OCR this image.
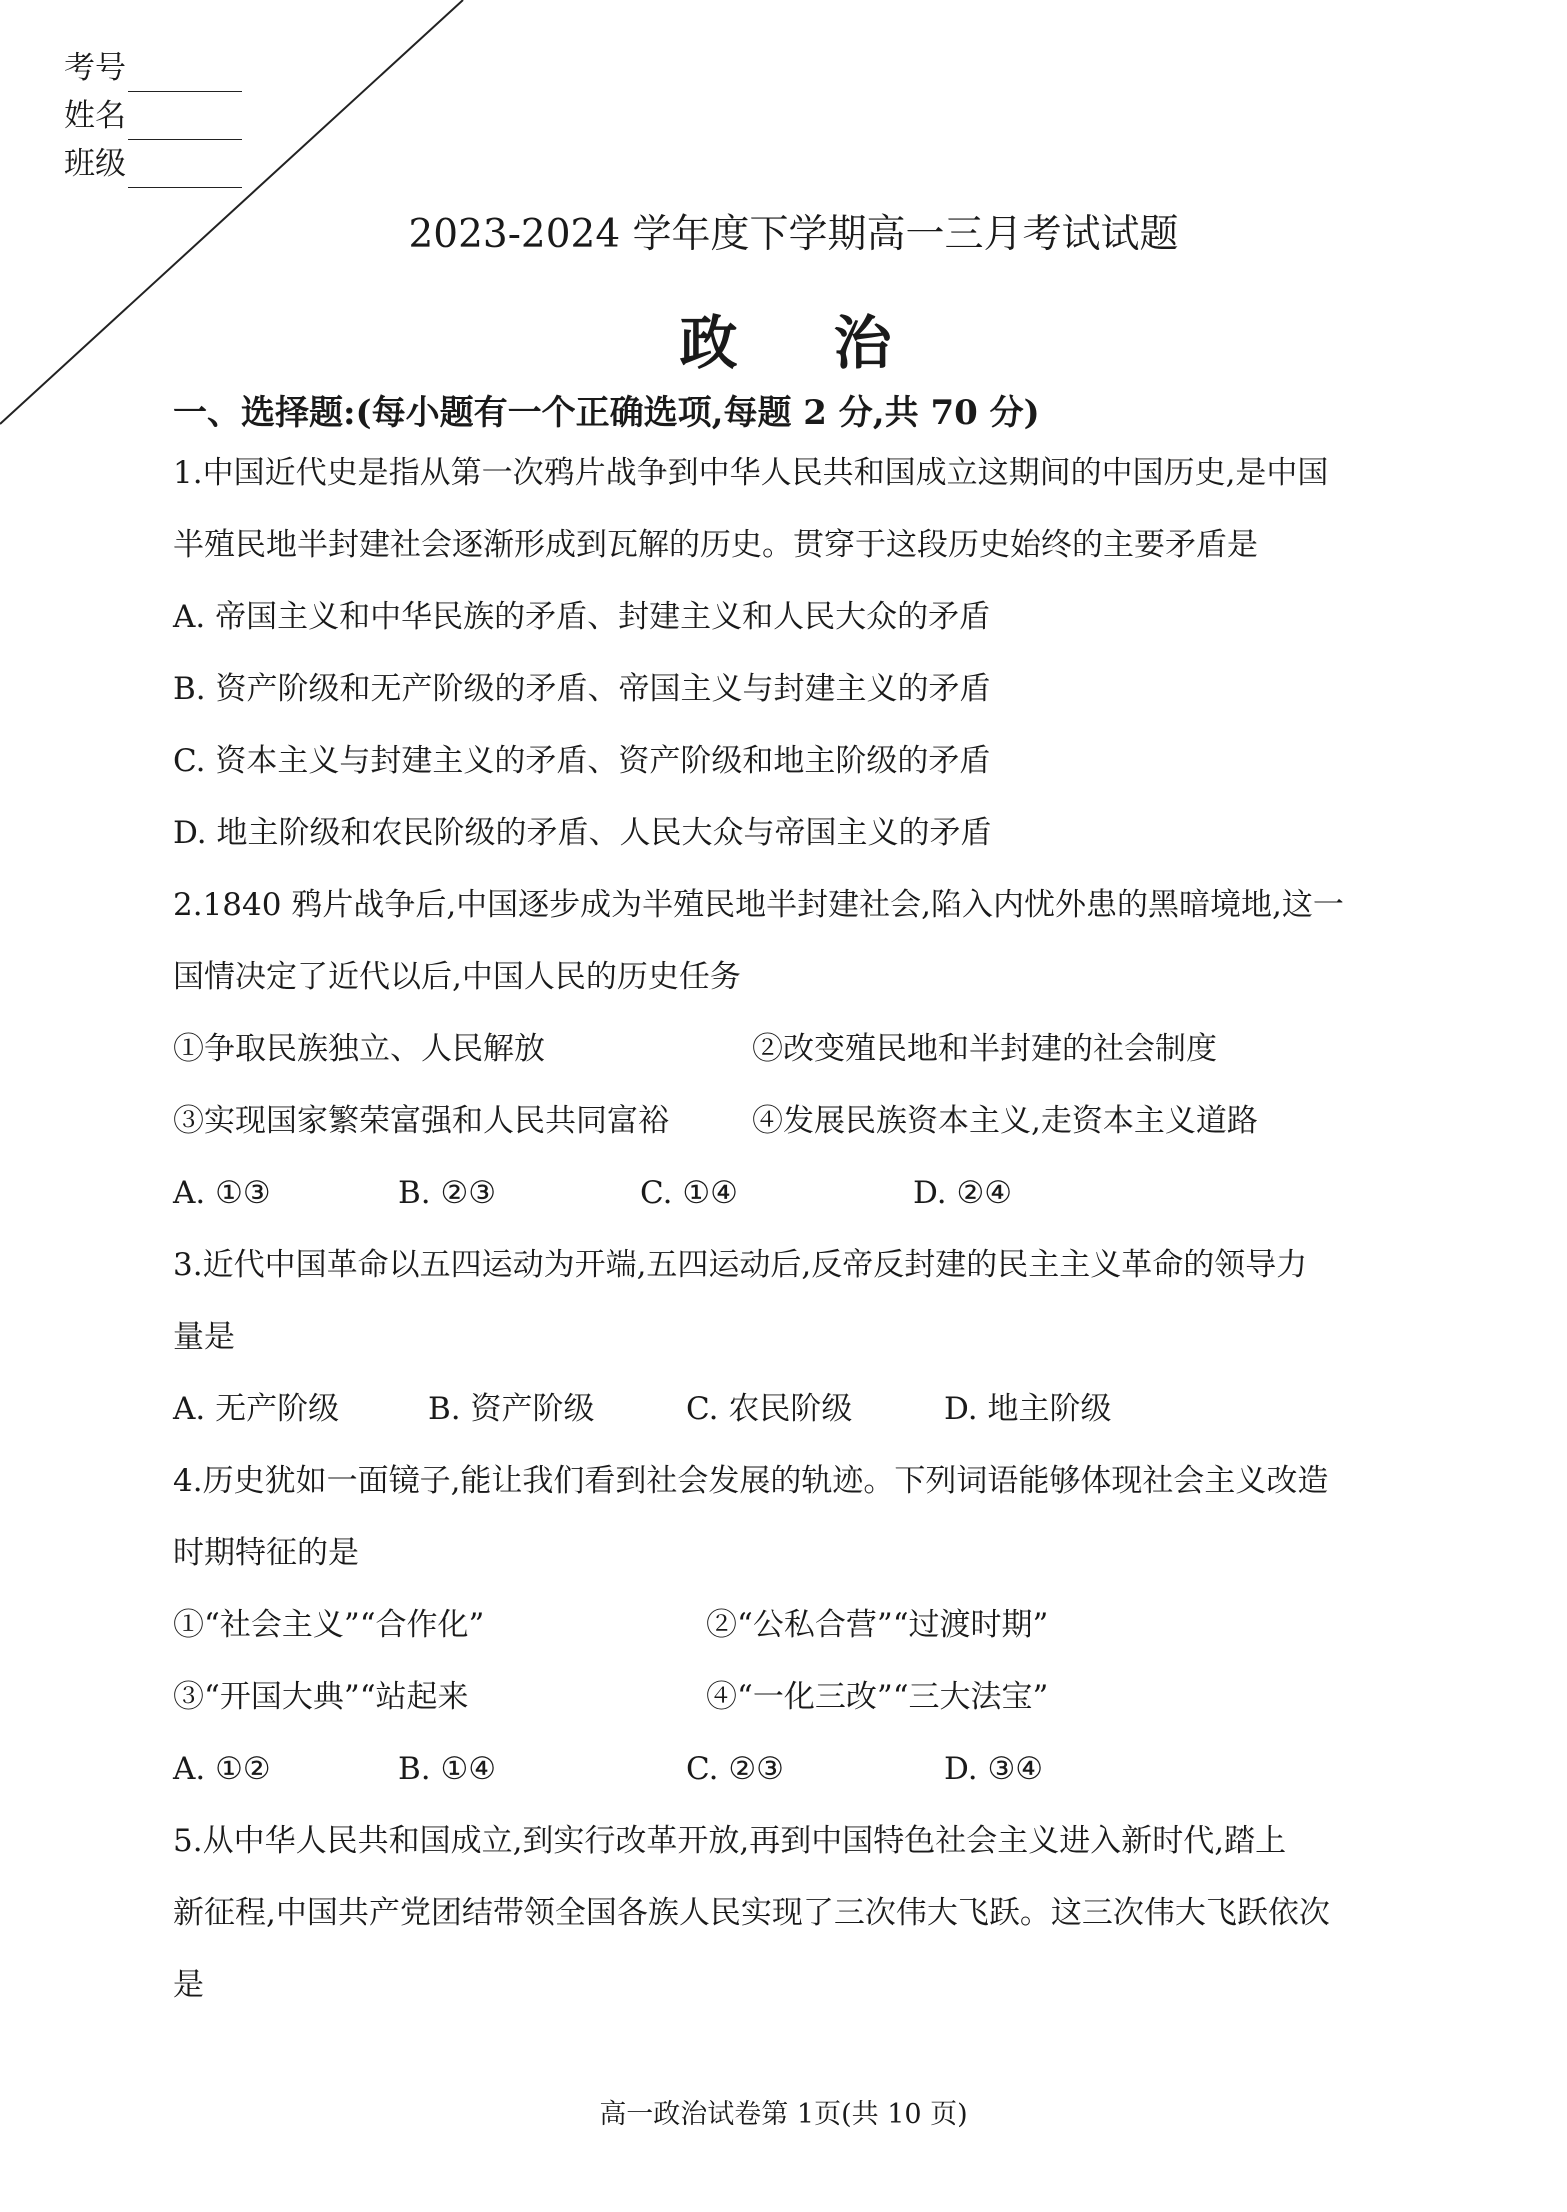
考号
姓名
班级
2023-2024 学年度下学期高一三月考试试题
政治
一、选择题:(每小题有一个正确选项,每题 2 分,共 70 分)
1.中国近代史是指从第一次鸦片战争到中华人民共和国成立这期间的中国历史,是中国
半殖民地半封建社会逐渐形成到瓦解的历史。贯穿于这段历史始终的主要矛盾是
A. 帝国主义和中华民族的矛盾、封建主义和人民大众的矛盾
B. 资产阶级和无产阶级的矛盾、帝国主义与封建主义的矛盾
C. 资本主义与封建主义的矛盾、资产阶级和地主阶级的矛盾
D. 地主阶级和农民阶级的矛盾、人民大众与帝国主义的矛盾
2.1840 鸦片战争后,中国逐步成为半殖民地半封建社会,陷入内忧外患的黑暗境地,这一
国情决定了近代以后,中国人民的历史任务
①争取民族独立、人民解放	②改变殖民地和半封建的社会制度
③实现国家繁荣富强和人民共同富裕	④发展民族资本主义,走资本主义道路
A. ①③	B. ②③	C. ①④	D. ②④
3.近代中国革命以五四运动为开端,五四运动后,反帝反封建的民主主义革命的领导力
量是
A. 无产阶级	B. 资产阶级	C. 农民阶级	D. 地主阶级
4.历史犹如一面镜子,能让我们看到社会发展的轨迹。下列词语能够体现社会主义改造
时期特征的是
①“社会主义”“合作化”	②“公私合营”“过渡时期”
③“开国大典”“站起来	④“一化三改”“三大法宝”
A. ①②	B. ①④	C. ②③	D. ③④
5.从中华人民共和国成立,到实行改革开放,再到中国特色社会主义进入新时代,踏上
新征程,中国共产党团结带领全国各族人民实现了三次伟大飞跃。这三次伟大飞跃依次
是
高一政治试卷第 1页(共 10 页)
